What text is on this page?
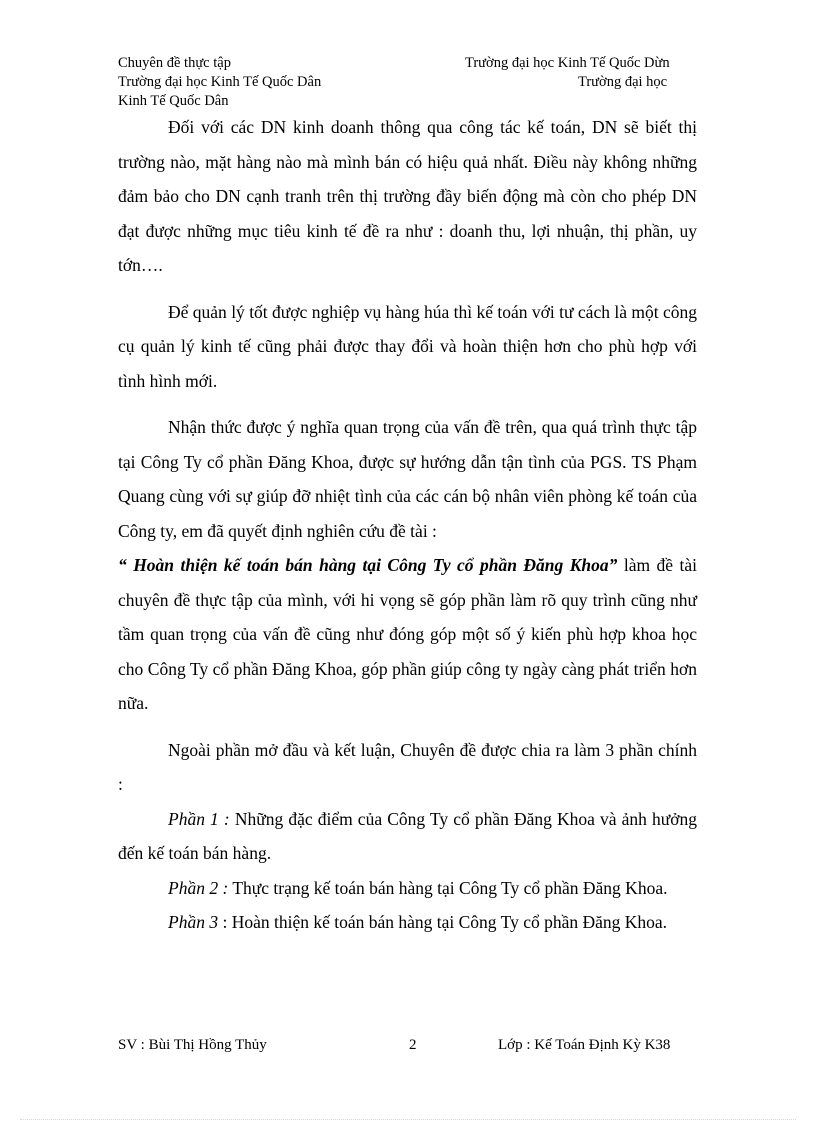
Chuyên đề thực tập	Trường đại học Kinh Tế Quốc Dừn
Trường đại học Kinh Tế Quốc Dân	Trường đại học
Kinh Tế Quốc Dân

Đối với các DN kinh doanh thông qua công tác kế toán, DN sẽ biết thị trường nào, mặt hàng nào mà mình bán có hiệu quả nhất. Điều này không những đảm bảo cho DN cạnh tranh trên thị trường đầy biến động mà còn cho phép DN đạt được những mục tiêu kinh tế đề ra như : doanh thu, lợi nhuận, thị phần, uy tớn….

Để quản lý tốt được nghiệp vụ hàng húa thì kế toán với tư cách là một công cụ quản lý kinh tế cũng phải được thay đổi và hoàn thiện hơn cho phù hợp với tình hình mới.

Nhận thức được ý nghĩa quan trọng của vấn đề trên, qua quá trình thực tập tại Công Ty cổ phần Đăng Khoa, được sự hướng dẫn tận tình của PGS. TS Phạm Quang cùng với sự giúp đỡ nhiệt tình của các cán bộ nhân viên phòng kế toán của Công ty, em đã quyết định nghiên cứu đề tài :

“ Hoàn thiện kế toán bán hàng tại Công Ty cổ phần Đăng Khoa” làm đề tài chuyên đề thực tập của mình, với hi vọng sẽ góp phần làm rõ quy trình cũng như tầm quan trọng của vấn đề cũng như đóng góp một số ý kiến phù hợp khoa học cho Công Ty cổ phần Đăng Khoa, góp phần giúp công ty ngày càng phát triển hơn nữa.

Ngoài phần mở đầu và kết luận, Chuyên đề được chia ra làm 3 phần chính :

Phần 1 : Những đặc điểm của Công Ty cổ phần Đăng Khoa và ảnh hưởng đến kế toán bán hàng.

Phần 2 : Thực trạng kế toán bán hàng tại Công Ty cổ phần Đăng Khoa.

Phần 3 : Hoàn thiện kế toán bán hàng tại Công Ty cổ phần Đăng Khoa.

SV : Bùi Thị Hồng Thủy	2	Lớp : Kế Toán Định Kỳ K38
